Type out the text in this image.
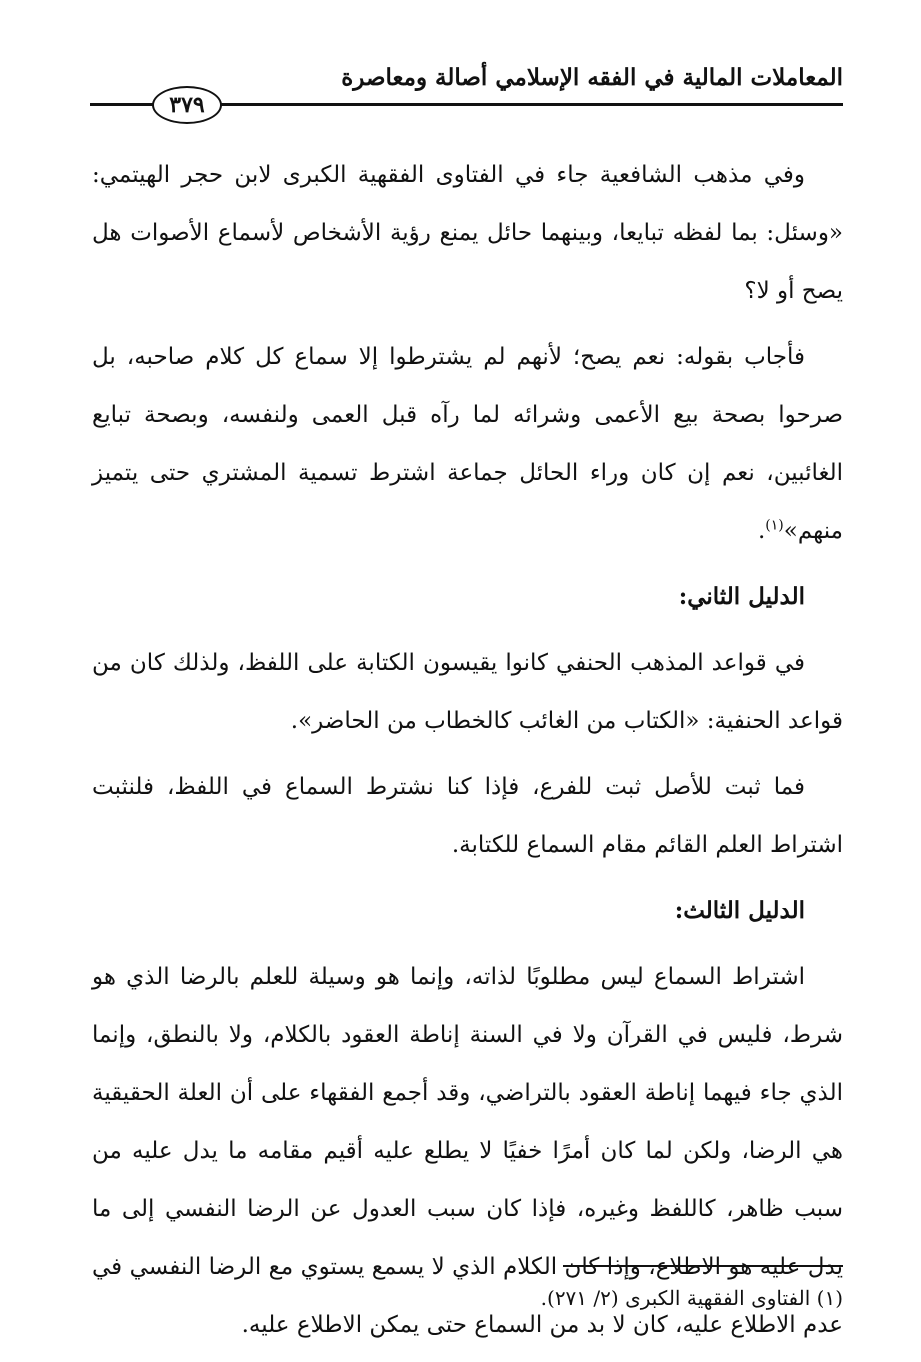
المعاملات المالية في الفقه الإسلامي أصالة ومعاصرة
٣٧٩

وفي مذهب الشافعية جاء في الفتاوى الفقهية الكبرى لابن حجر الهيتمي: «وسئل: بما لفظه تبايعا، وبينهما حائل يمنع رؤية الأشخاص لأسماع الأصوات هل يصح أو لا؟

فأجاب بقوله: نعم يصح؛ لأنهم لم يشترطوا إلا سماع كل كلام صاحبه، بل صرحوا بصحة بيع الأعمى وشرائه لما رآه قبل العمى ولنفسه، وبصحة تبايع الغائبين، نعم إن كان وراء الحائل جماعة اشترط تسمية المشتري حتى يتميز منهم»$^{(١)}$.

الدليل الثاني:

في قواعد المذهب الحنفي كانوا يقيسون الكتابة على اللفظ، ولذلك كان من قواعد الحنفية: «الكتاب من الغائب كالخطاب من الحاضر».

فما ثبت للأصل ثبت للفرع، فإذا كنا نشترط السماع في اللفظ، فلنثبت اشتراط العلم القائم مقام السماع للكتابة.

الدليل الثالث:

اشتراط السماع ليس مطلوبًا لذاته، وإنما هو وسيلة للعلم بالرضا الذي هو شرط، فليس في القرآن ولا في السنة إناطة العقود بالكلام، ولا بالنطق، وإنما الذي جاء فيهما إناطة العقود بالتراضي، وقد أجمع الفقهاء على أن العلة الحقيقية هي الرضا، ولكن لما كان أمرًا خفيًا لا يطلع عليه أقيم مقامه ما يدل عليه من سبب ظاهر، كاللفظ وغيره، فإذا كان سبب العدول عن الرضا النفسي إلى ما يدل عليه هو الاطلاع، وإذا كان الكلام الذي لا يسمع يستوي مع الرضا النفسي في عدم الاطلاع عليه، كان لا بد من السماع حتى يمكن الاطلاع عليه.

(١) الفتاوى الفقهية الكبرى (٢/ ٢٧١).
